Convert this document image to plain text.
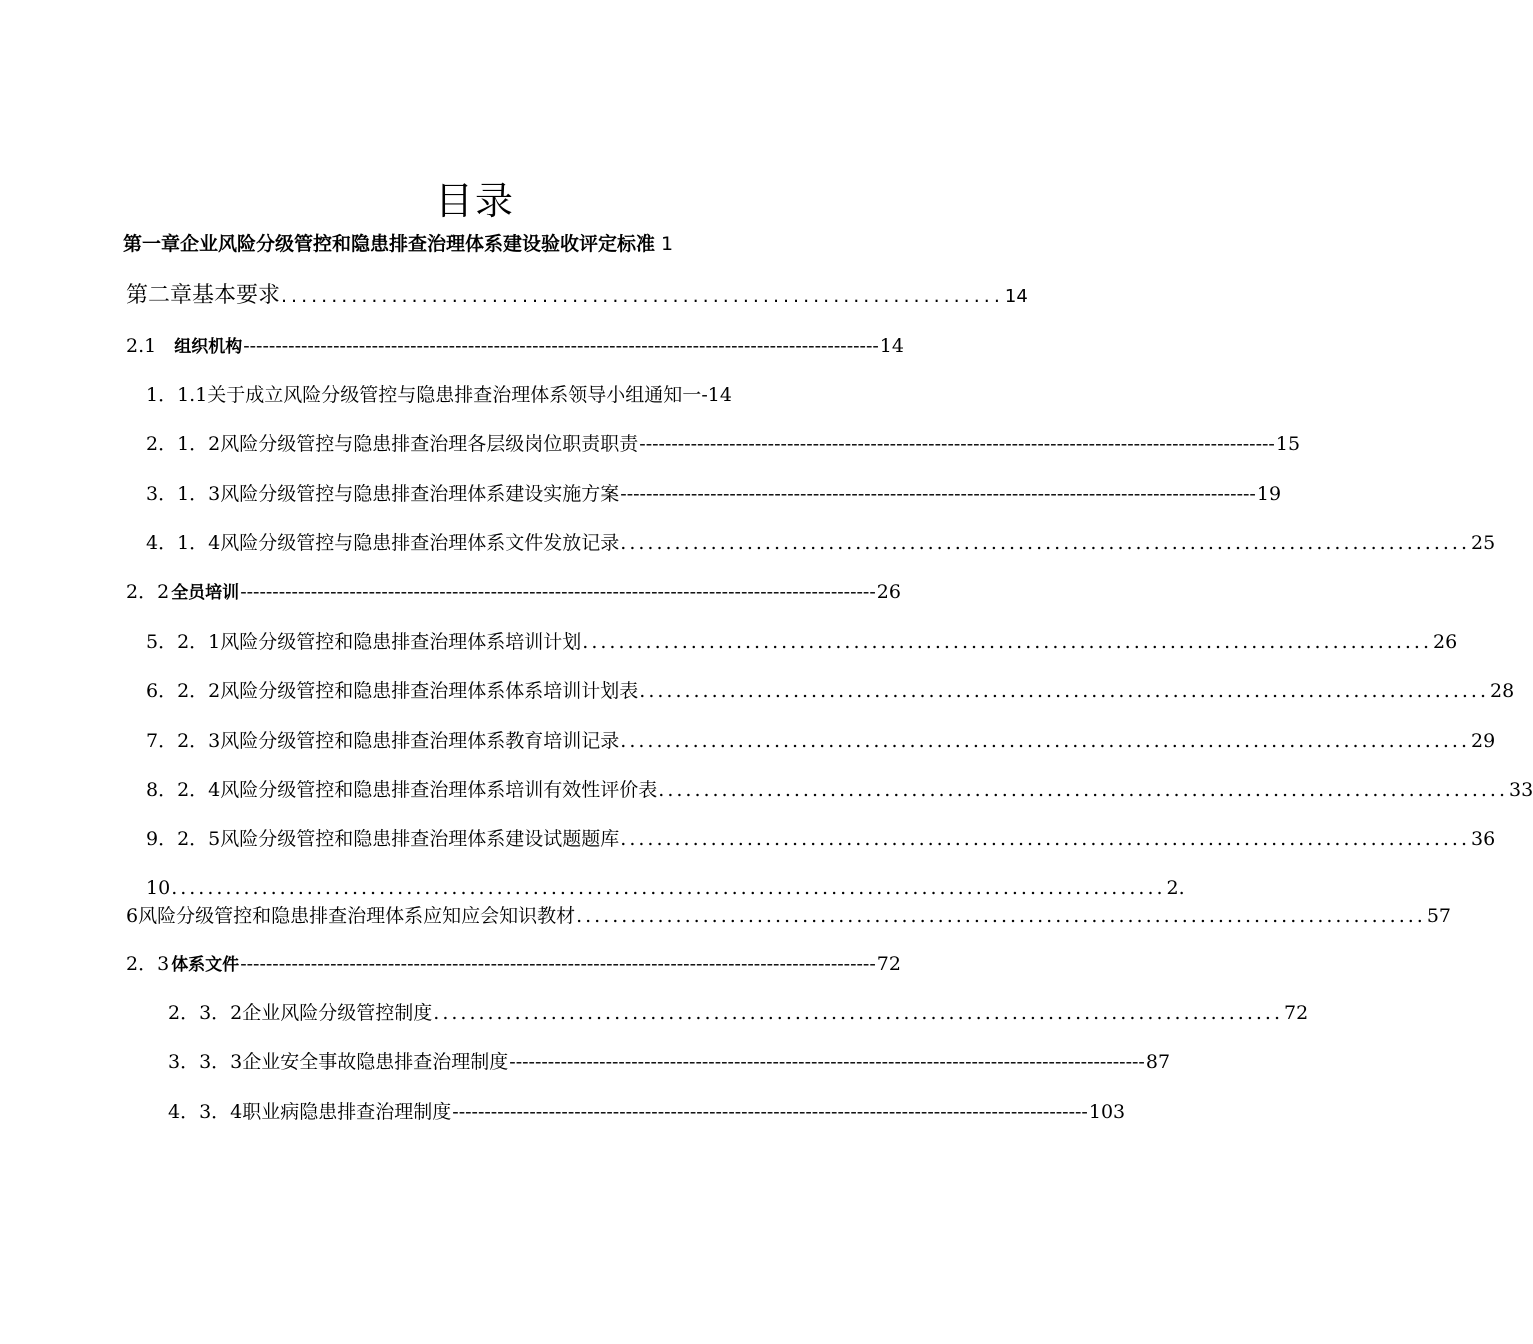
目录
第一章企业风险分级管控和隐患排查治理体系建设验收评定标准 1
第二章基本要求 ........................................................................ 14
2.1 组织机构 --------------------------------------------------------------------------------------------------- 14
1．1.1关于成立风险分级管控与隐患排查治理体系领导小组通知一 -14
2．1．2风险分级管控与隐患排查治理各层级岗位职责职责 --------------------------------------------------------------------------------------------------- 15
3．1．3风险分级管控与隐患排查治理体系建设实施方案 --------------------------------------------------------------------------------------------------- 19
4．1．4风险分级管控与隐患排查治理体系文件发放记录 .............................................................................................. 25
2．2 全员培训 --------------------------------------------------------------------------------------------------- 26
5．2．1风险分级管控和隐患排查治理体系培训计划 .............................................................................................. 26
6．2．2风险分级管控和隐患排查治理体系体系培训计划表 .............................................................................................. 28
7．2．3风险分级管控和隐患排查治理体系教育培训记录 .............................................................................................. 29
8．2．4风险分级管控和隐患排查治理体系培训有效性评价表 .............................................................................................. 33
9．2．5风险分级管控和隐患排查治理体系建设试题题库 .............................................................................................. 36
10 .............................................................................................................. 2.
6风险分级管控和隐患排查治理体系应知应会知识教材 .............................................................................................. 57
2．3 体系文件 --------------------------------------------------------------------------------------------------- 72
2．3．2企业风险分级管控制度 .............................................................................................. 72
3．3．3企业安全事故隐患排查治理制度 --------------------------------------------------------------------------------------------------- 87
4．3．4职业病隐患排查治理制度 --------------------------------------------------------------------------------------------------- 103
